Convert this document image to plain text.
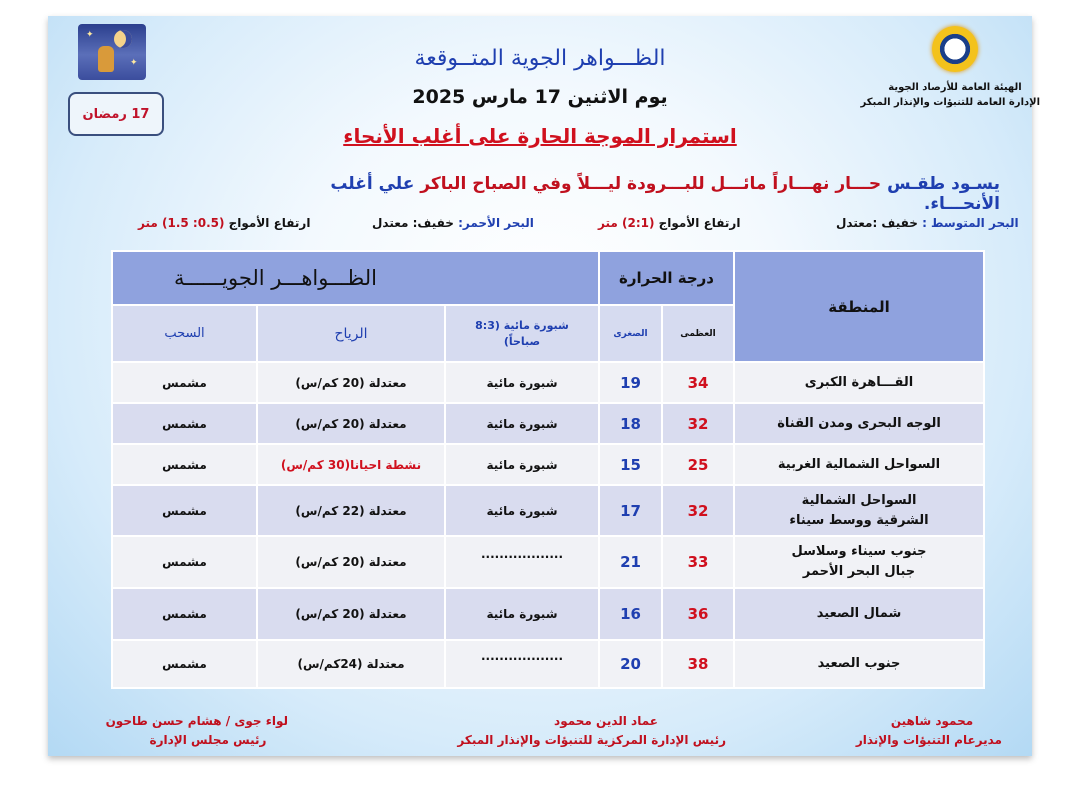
الهيئة العامة للأرصاد الجوية
الإدارة العامة للتنبؤات والإنذار المبكر
✦
✦
17 رمضان
الظـــواهر الجوية المتــوقعة
يوم الاثنين 17 مارس 2025
استمرار الموجة الحارة على أغلب الأنحاء
يسـود طقـس حـــار نهـــاراً مائـــل للبـــرودة ليـــلاً وفي الصباح الباكر علي أغلب الأنحـــاء.
البحر المتوسط : خفيف :معتدل
ارتفاع الأمواج (2:1) متر
البحر الأحمر: خفيف: معتدل
ارتفاع الأمواج (0.5: 1.5) متر
المنطقة	درجة الحرارة		الظـــواهـــر الجويــــــة		
	العظمى	الصغرى	شبورة مائية (8:3 صباحاً)	الرياح	السحب
القـــاهرة الكبرى	34	19	شبورة مائية	معتدلة (20 كم/س)	مشمس
الوجه البحرى ومدن القناة	32	18	شبورة مائية	معتدلة (20 كم/س)	مشمس
السواحل الشمالية الغربية	25	15	شبورة مائية	نشطة احيانا(30 كم/س)	مشمس
السواحل الشمالية الشرقية ووسط سيناء	32	17	شبورة مائية	معتدلة (22 كم/س)	مشمس
جنوب سيناء وسلاسل جبال البحر الأحمر	33	21	..................	معتدلة (20 كم/س)	مشمس
شمال الصعيد	36	16	شبورة مائية	معتدلة (20 كم/س)	مشمس
جنوب الصعيد	38	20	..................	معتدلة (24كم/س)	مشمس
محمود شاهين
مديرعام التنبؤات والإنذار
عماد الدين محمود
رئيس الإدارة المركزية للتنبؤات والإنذار المبكر
لواء جوى / هشام حسن طاحون
رئيس مجلس الإدارة
